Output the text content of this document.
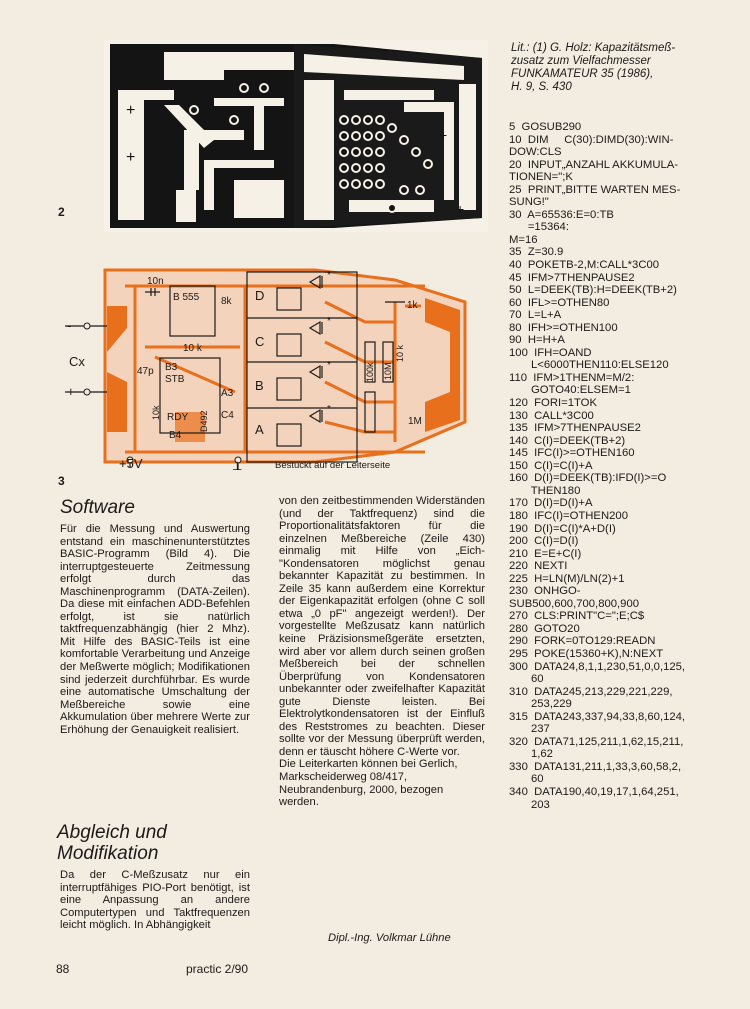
+
+
+
+
2
10n
B 555 8k
10 k
47p B3
STB
RDY
B4
A3
C4
D
C
B
A
1k
1M
*
*
*
*
-
+
Cx
+5V	⊥	Bestückt auf der Leiterseite
D492
10k
100k 10M
10 k
3
Lit.: (1) G. Holz: Kapazitätsmeß-
zusatz zum Vielfachmesser
FUNKAMATEUR 35 (1986),
H. 9, S. 430
5  GOSUB290
10  DIM     C(30):DIMD(30):WIN-
DOW:CLS
20  INPUT„ANZAHL AKKUMULA-
TIONEN=";K
25  PRINT„BITTE WARTEN MES-
SUNG!"
30  A=65536:E=0:TB
=15364:
M=16
35  Z=30.9
40  POKETB-2,M:CALL*3C00
45  IFM>7THENPAUSE2
50  L=DEEK(TB):H=DEEK(TB+2)
60  IFL>=OTHEN80
70  L=L+A
80  IFH>=OTHEN100
90  H=H+A
100  IFH=OAND
L<6000THEN110:ELSE120
110  IFM>1THENM=M/2:
GOTO40:ELSEM=1
120  FORI=1TOK
130  CALL*3C00
135  IFM>7THENPAUSE2
140  C(I)=DEEK(TB+2)
145  IFC(I)>=OTHEN160
150  C(I)=C(I)+A
160  D(I)=DEEK(TB):IFD(I)>=O
THEN180
170  D(I)=D(I)+A
180  IFC(I)=OTHEN200
190  D(I)=C(I)*A+D(I)
200  C(I)=D(I)
210  E=E+C(I)
220  NEXTI
225  H=LN(M)/LN(2)+1
230  ONHGO-
SUB500,600,700,800,900
270  CLS:PRINT"C=";E;C$
280  GOTO20
290  FORK=0TO129:READN
295  POKE(15360+K),N:NEXT
300  DATA24,8,1,1,230,51,0,0,125,
60
310  DATA245,213,229,221,229,
253,229
315  DATA243,337,94,33,8,60,124,
237
320  DATA71,125,211,1,62,15,211,
1,62
330  DATA131,211,1,33,3,60,58,2,
60
340  DATA190,40,19,17,1,64,251,
203
Software

Für die Messung und Auswertung entstand ein maschinenunterstütztes BASIC-Programm (Bild 4). Die interruptgesteuerte Zeitmessung erfolgt durch das Maschinenprogramm (DATA-Zeilen). Da diese mit einfachen ADD-Befehlen erfolgt, ist sie natürlich taktfrequenzabhängig (hier 2 Mhz). Mit Hilfe des BASIC-Teils ist eine komfortable Verarbeitung und Anzeige der Meßwerte möglich; Modifikationen sind jederzeit durchführbar. Es wurde eine automatische Umschaltung der Meßbereiche sowie eine Akkumulation über mehrere Werte zur Erhöhung der Genauigkeit realisiert.

Abgleich und
Modifikation

Da der C-Meßzusatz nur ein interruptfähiges PIO-Port benötigt, ist eine Anpassung an andere Computertypen und Taktfrequenzen leicht möglich. In Abhängigkeit

von den zeitbestimmenden Widerständen (und der Taktfrequenz) sind die Proportionalitätsfaktoren für die einzelnen Meßbereiche (Zeile 430) einmalig mit Hilfe von „Eich-"Kondensatoren möglichst genau bekannter Kapazität zu bestimmen. In Zeile 35 kann außerdem eine Korrektur der Eigenkapazität erfolgen (ohne C soll etwa „0 pF" angezeigt werden!). Der vorgestellte Meßzusatz kann natürlich keine Präzisionsmeßgeräte ersetzten, wird aber vor allem durch seinen großen Meßbereich bei der schnellen Überprüfung von Kondensatoren unbekannter oder zweifelhafter Kapazität gute Dienste leisten. Bei Elektrolytkondensatoren ist der Einfluß des Reststromes zu beachten. Dieser sollte vor der Messung überprüft werden, denn er täuscht höhere C-Werte vor.

Die Leiterkarten können bei Gerlich, Markscheiderweg 08/417, Neubrandenburg, 2000, bezogen werden.

Dipl.-Ing. Volkmar Lühne
88	practic 2/90
